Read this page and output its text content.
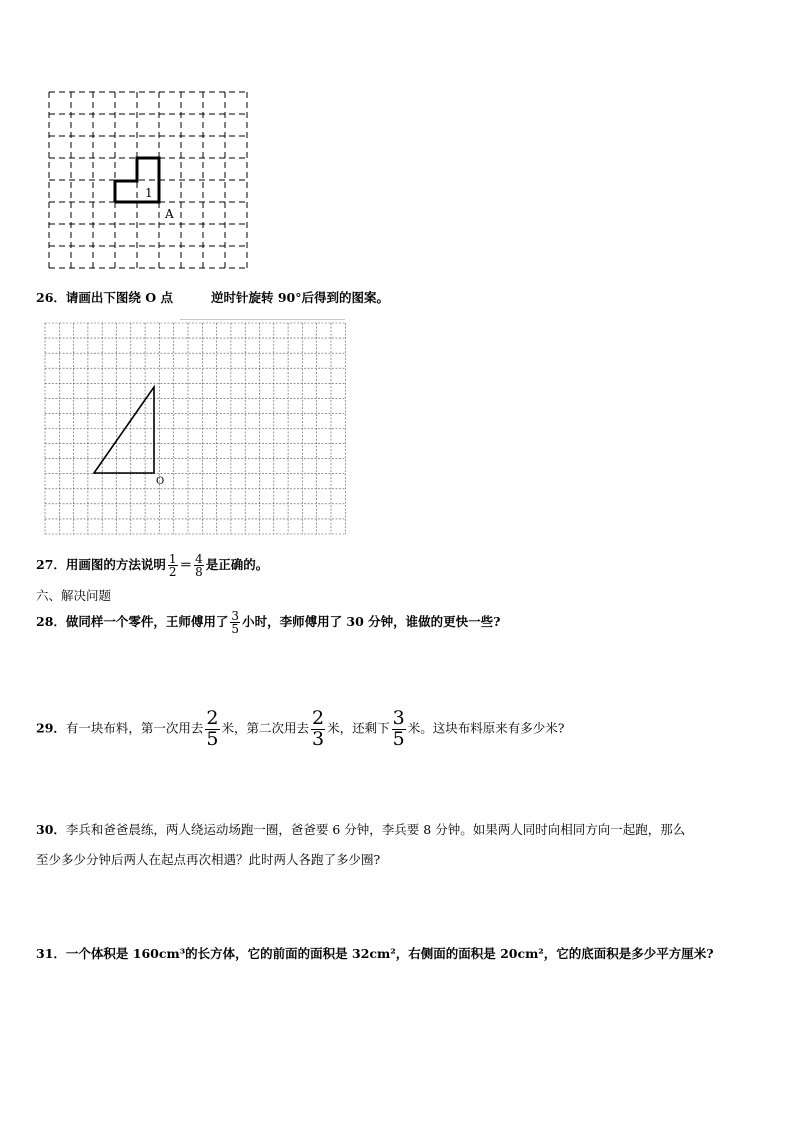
1
A
26．请画出下图绕 O 点	逆时针旋转 90°后得到的图案。
O
27．用画图的方法说明 $\frac{1}{2} = \frac{4}{8}$ 是正确的。
六、解决问题
28．做同样一个零件，王师傅用了 $\frac{3}{5}$ 小时，李师傅用了 30 分钟，谁做的更快一些?
29．有一块布料，第一次用去 $\frac{2}{5}$ 米，第二次用去 $\frac{2}{3}$ 米，还剩下 $\frac{3}{5}$ 米。这块布料原来有多少米?
30．李兵和爸爸晨练，两人绕运动场跑一圈，爸爸要 6 分钟，李兵要 8 分钟。如果两人同时向相同方向一起跑，那么
至少多少分钟后两人在起点再次相遇？此时两人各跑了多少圈?
31．一个体积是 160cm³的长方体，它的前面的面积是 32cm²，右侧面的面积是 20cm²，它的底面积是多少平方厘米?
